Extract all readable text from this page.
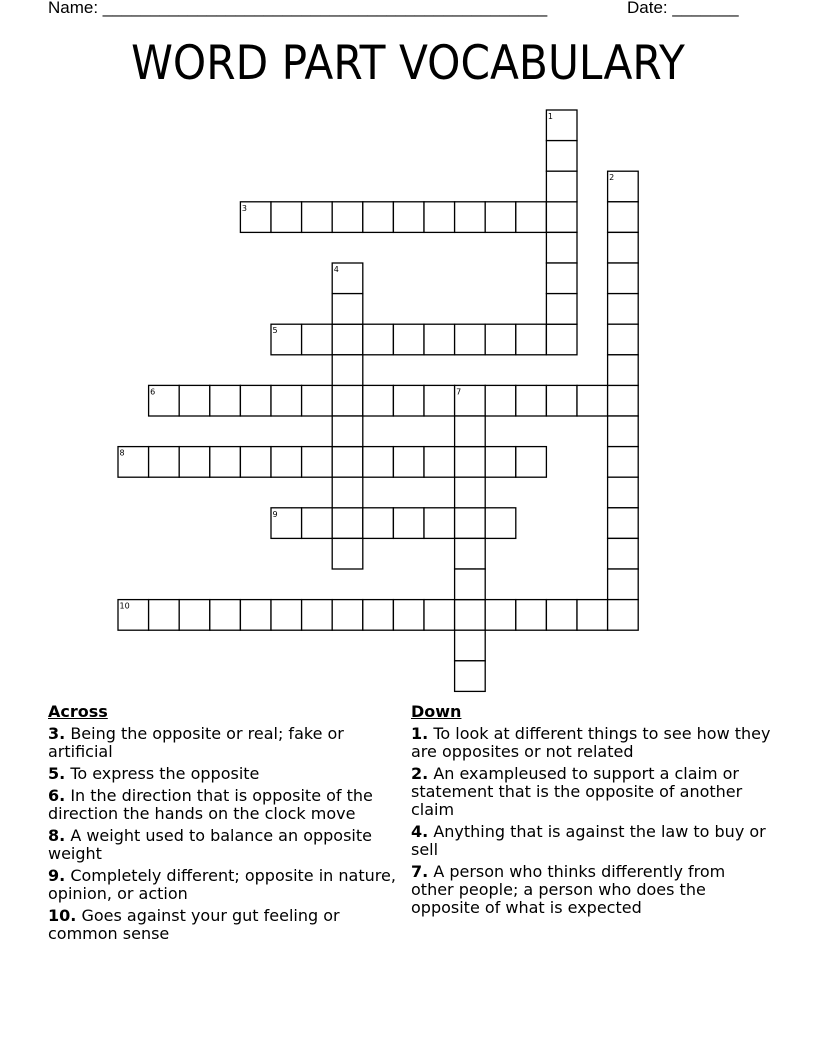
Name: _______________________________________________	Date: _______
WORD PART VOCABULARY
3
5
6
8
9
10
1
2
4
7
Across
3. Being the opposite or real; fake or artificial
5. To express the opposite
6. In the direction that is opposite of the direction the hands on the clock move
8. A weight used to balance an opposite weight
9. Completely different; opposite in nature, opinion, or action
10. Goes against your gut feeling or common sense
Down
1. To look at different things to see how they are opposites or not related
2. An exampleused to support a claim or statement that is the opposite of another claim
4. Anything that is against the law to buy or sell
7. A person who thinks differently from other people; a person who does the opposite of what is expected
